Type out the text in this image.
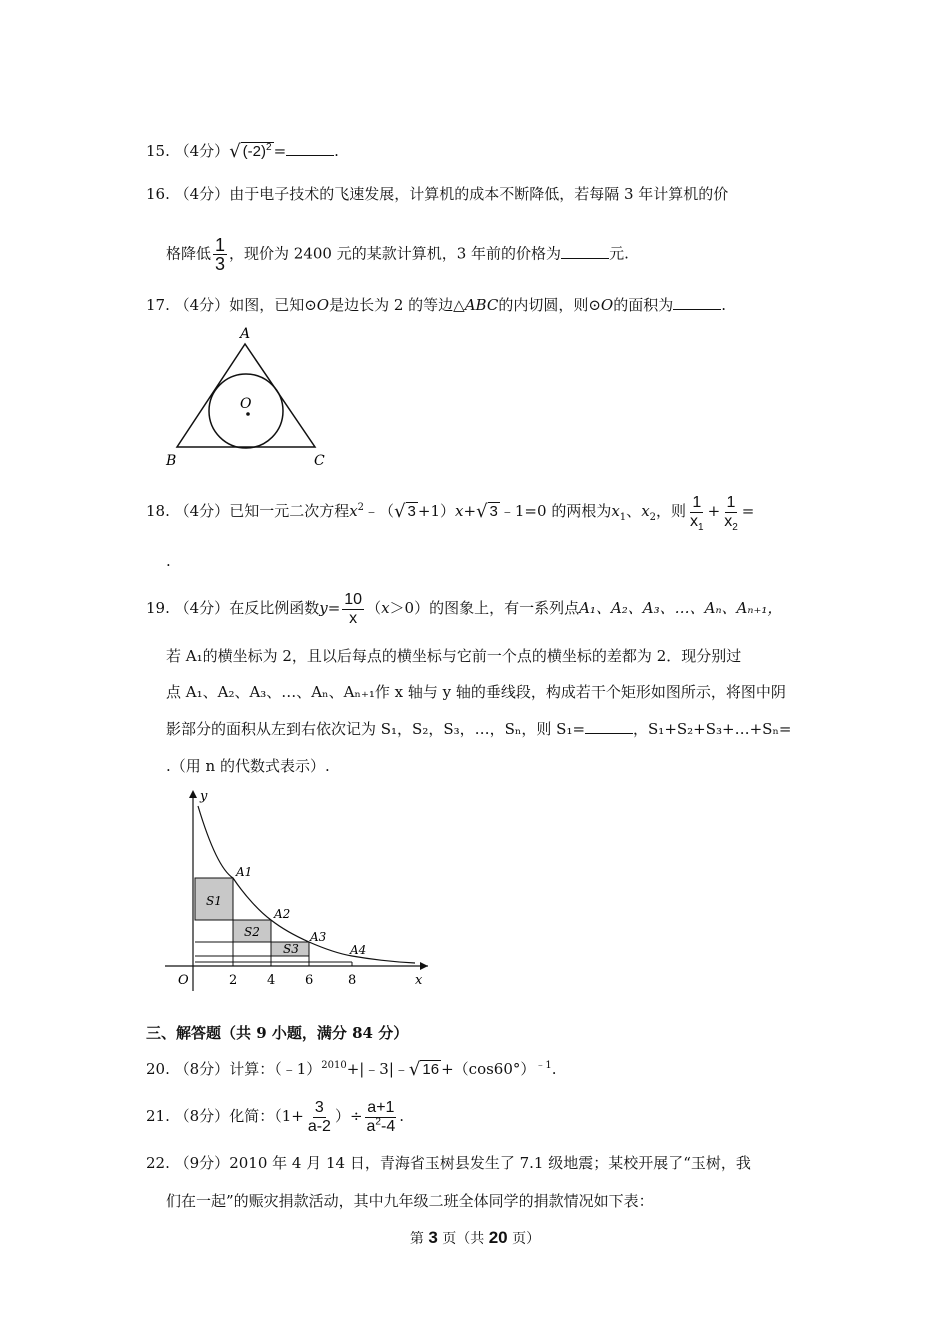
15. （4分） √ $(-2)^2$ =	.
16. （4分）由于电子技术的飞速发展，计算机的成本不断降低，若每隔 3 年计算机的价
格降低 $\frac{1}{3}$ ，现价为 2400 元的某款计算机，3 年前的价格为	元.
17. （4分）如图，已知⊙O是边长为 2 的等边△ABC的内切圆，则⊙O的面积为	.
A
B	C
O
18. （4分）已知一元二次方程$x^2﹣$（ √ 3 +1）x+ √ 3 ﹣1=0 的两根为$x_1$、$x_2$，则 $\frac{1}{x_1} + \frac{1}{x_2}$ =
.
19. （4分）在反比例函数$y= \frac{10}{x} (x>0)$的图象上，有一系列点A₁、A₂、A₃、…、Aₙ、Aₙ₊₁，
若 A₁的横坐标为 2，且以后每点的横坐标与它前一个点的横坐标的差都为 2．现分别过
点 A₁、A₂、A₃、…、Aₙ、Aₙ₊₁作 x 轴与 y 轴的垂线段，构成若干个矩形如图所示，将图中阴
影部分的面积从左到右依次记为 S₁，S₂，S₃，…，Sₙ，则 S₁=	，S₁+S₂+S₃+…+Sₙ=
.（用 n 的代数式表示）.
y
x
O	2 4 6	8
A1
A2
A3
A4
S1
S2
S3
三、解答题（共 9 小题，满分 84 分）
20. （8分）计算：（﹣1）$^{2010}$+|﹣3|﹣ √ $16 +(\cos 60^\circ)^{﹣1}$.
21. （8分）化简：（$1+ \frac{3}{a-2}$ ）÷ $\frac{a+1}{a^2-4}$ .
22. （9分）2010 年 4 月 14 日，青海省玉树县发生了 7.1 级地震；某校开展了“玉树，我
们在一起”的赈灾捐款活动，其中九年级二班全体同学的捐款情况如下表：
第 3 页（共 20 页）
